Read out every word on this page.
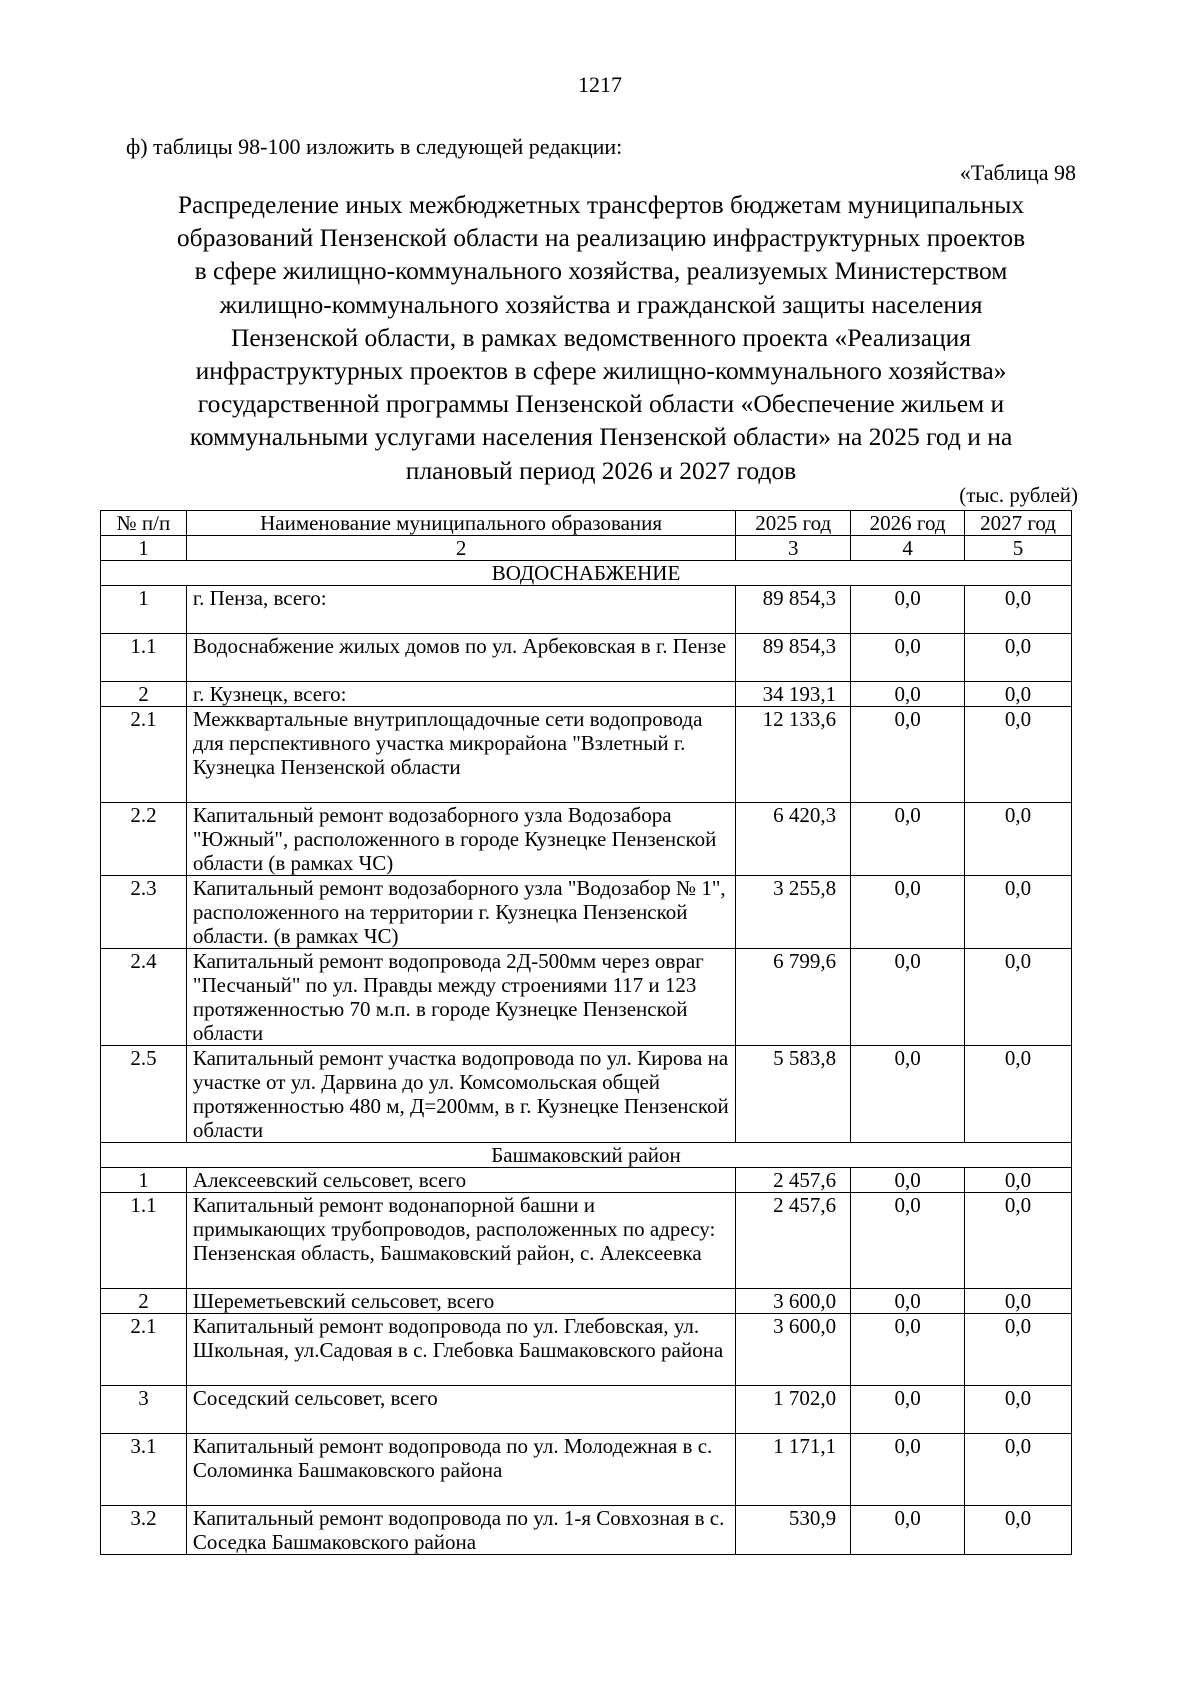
1217
ф) таблицы 98-100 изложить в следующей редакции:
«Таблица 98
Распределение иных межбюджетных трансфертов бюджетам муниципальных
образований Пензенской области на реализацию инфраструктурных проектов
в сфере жилищно-коммунального хозяйства, реализуемых Министерством
жилищно-коммунального хозяйства и гражданской защиты населения
Пензенской области, в рамках ведомственного проекта «Реализация
инфраструктурных проектов в сфере жилищно-коммунального хозяйства»
государственной программы Пензенской области «Обеспечение жильем и
коммунальными услугами населения Пензенской области» на 2025 год и на
плановый период 2026 и 2027 годов
(тыс. рублей)
№ п/п	Наименование муниципального образования	2025 год	2026 год	2027 год
1	2	3	4	5
ВОДОСНАБЖЕНИЕ				
1	г. Пенза, всего:	89 854,3	0,0	0,0
1.1	Водоснабжение жилых домов по ул. Арбековская в г. Пензе	89 854,3	0,0	0,0
2	г. Кузнецк, всего:	34 193,1	0,0	0,0
2.1	Межквартальные внутриплощадочные сети водопровода для перспективного участка микрорайона "Взлетный г. Кузнецка Пензенской области	12 133,6	0,0	0,0
2.2	Капитальный ремонт водозаборного узла Водозабора "Южный", расположенного в городе Кузнецке Пензенской области (в рамках ЧС)	6 420,3	0,0	0,0
2.3	Капитальный ремонт водозаборного узла "Водозабор № 1", расположенного на территории г. Кузнецка Пензенской области. (в рамках ЧС)	3 255,8	0,0	0,0
2.4	Капитальный ремонт водопровода 2Д-500мм через овраг "Песчаный" по ул. Правды между строениями 117 и 123 протяженностью 70 м.п. в городе Кузнецке Пензенской области	6 799,6	0,0	0,0
2.5	Капитальный ремонт участка водопровода по ул. Кирова на участке от ул. Дарвина до ул. Комсомольская общей протяженностью 480 м, Д=200мм, в г. Кузнецке Пензенской области	5 583,8	0,0	0,0
Башмаковский район				
1	Алексеевский сельсовет, всего	2 457,6	0,0	0,0
1.1	Капитальный ремонт водонапорной башни и примыкающих трубопроводов, расположенных по адресу: Пензенская область, Башмаковский район, с. Алексеевка	2 457,6	0,0	0,0
2	Шереметьевский сельсовет, всего	3 600,0	0,0	0,0
2.1	Капитальный ремонт водопровода по ул. Глебовская, ул. Школьная, ул.Садовая в с. Глебовка Башмаковского района	3 600,0	0,0	0,0
3	Соседский сельсовет, всего	1 702,0	0,0	0,0
3.1	Капитальный ремонт водопровода по ул. Молодежная в с. Соломинка Башмаковского района	1 171,1	0,0	0,0
3.2	Капитальный ремонт водопровода по ул. 1-я Совхозная в с. Соседка Башмаковского района	530,9	0,0	0,0
